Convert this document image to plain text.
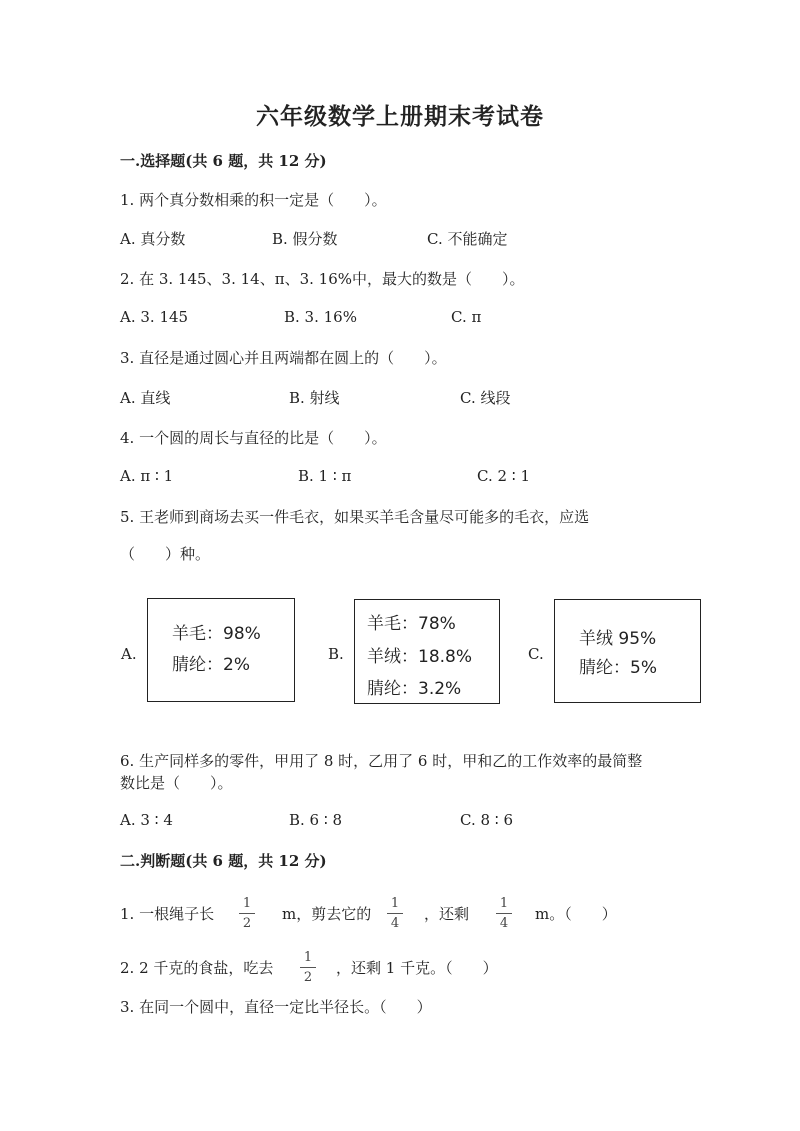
六年级数学上册期末考试卷
一.选择题(共 6 题，共 12 分)
1. 两个真分数相乘的积一定是（　　）。
A. 真分数	B. 假分数	C. 不能确定
2. 在 3. 145、3. 14、π、3. 16%中，最大的数是（　　）。
A. 3. 145	B. 3. 16%	C. π
3. 直径是通过圆心并且两端都在圆上的（　　）。
A. 直线	B. 射线	C. 线段
4. 一个圆的周长与直径的比是（　　）。
A. π ∶ 1	B. 1 ∶ π	C. 2 ∶ 1
5. 王老师到商场去买一件毛衣，如果买羊毛含量尽可能多的毛衣，应选
（　　）种。
A.
羊毛：98%
腈纶：2%
B.
羊毛：78%
羊绒：18.8%
腈纶：3.2%
C.
羊绒 95%
腈纶：5%
6. 生产同样多的零件，甲用了 8 时，乙用了 6 时，甲和乙的工作效率的最简整
数比是（　　）。
A. 3 ∶ 4	B. 6 ∶ 8	C. 8 ∶ 6
二.判断题(共 6 题，共 12 分)
1. 一根绳子长
1
2
m，剪去它的
1
4
，还剩
1
4
m。（　　）
2. 2 千克的食盐，吃去
1
2
，还剩 1 千克。（　　）
3. 在同一个圆中，直径一定比半径长。（　　）
